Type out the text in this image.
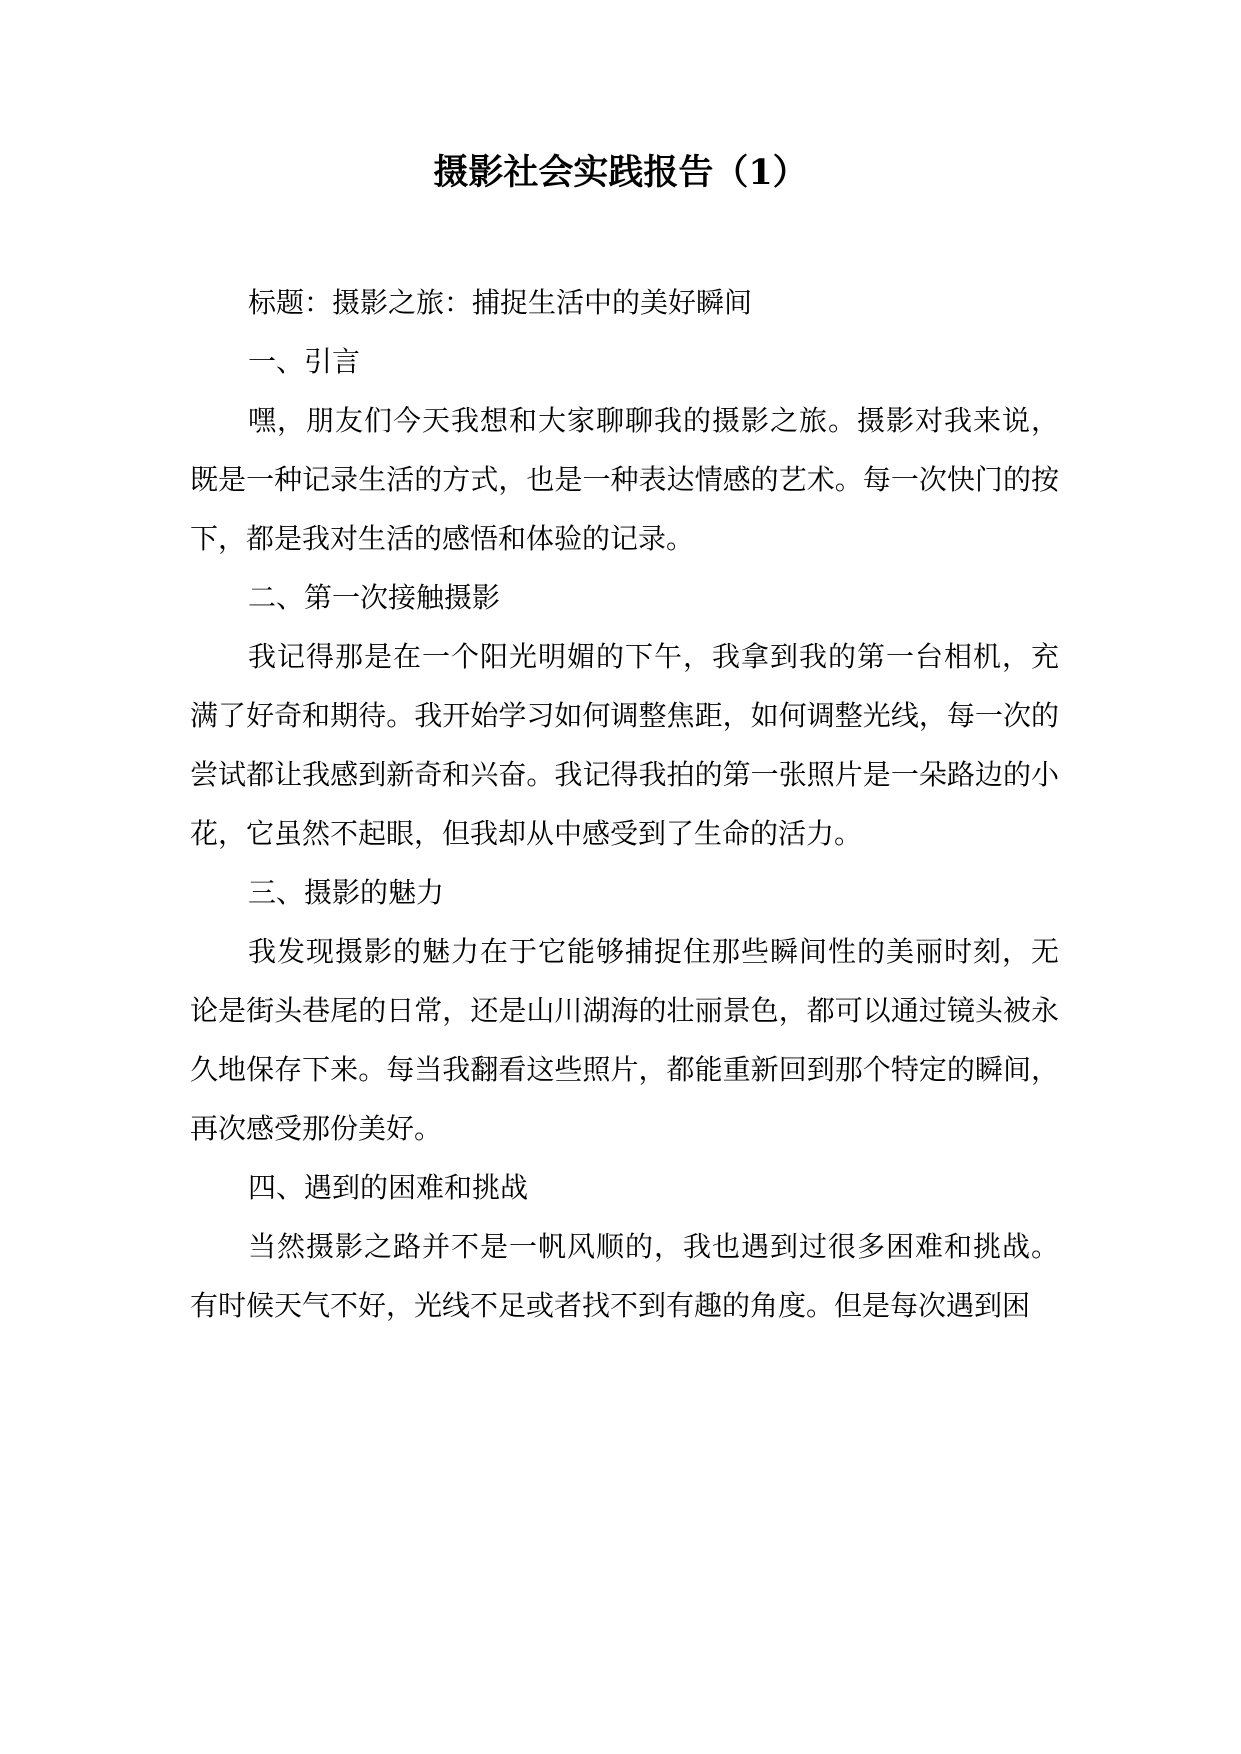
摄影社会实践报告（1）

标题：摄影之旅：捕捉生活中的美好瞬间

一、引言

嘿，朋友们今天我想和大家聊聊我的摄影之旅。摄影对我来说，既是一种记录生活的方式，也是一种表达情感的艺术。每一次快门的按下，都是我对生活的感悟和体验的记录。

二、第一次接触摄影

我记得那是在一个阳光明媚的下午，我拿到我的第一台相机，充满了好奇和期待。我开始学习如何调整焦距，如何调整光线，每一次的尝试都让我感到新奇和兴奋。我记得我拍的第一张照片是一朵路边的小花，它虽然不起眼，但我却从中感受到了生命的活力。

三、摄影的魅力

我发现摄影的魅力在于它能够捕捉住那些瞬间性的美丽时刻，无论是街头巷尾的日常，还是山川湖海的壮丽景色，都可以通过镜头被永久地保存下来。每当我翻看这些照片，都能重新回到那个特定的瞬间，再次感受那份美好。

四、遇到的困难和挑战

当然摄影之路并不是一帆风顺的，我也遇到过很多困难和挑战。有时候天气不好，光线不足或者找不到有趣的角度。但是每次遇到困
